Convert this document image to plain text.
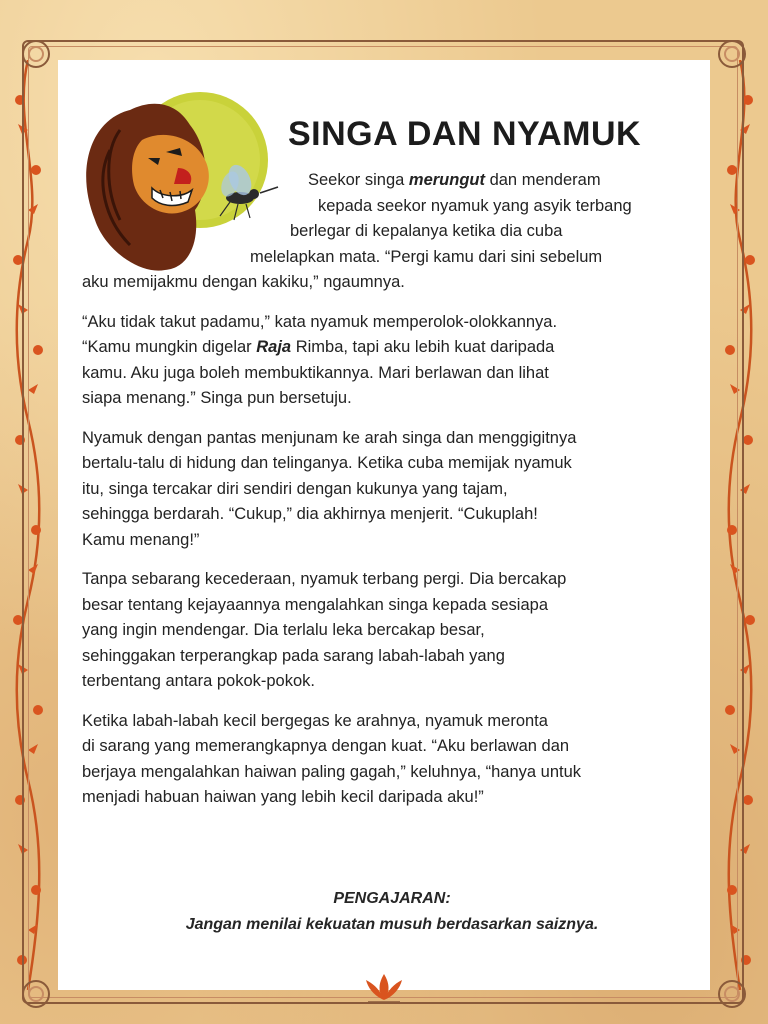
SINGA DAN NYAMUK

Seekor singa merungut dan menderam
kepada seekor nyamuk yang asyik terbang
berlegar di kepalanya ketika dia cuba
melelapkan mata. “Pergi kamu dari sini sebelum
aku memijakmu dengan kakiku,” ngaumnya.

“Aku tidak takut padamu,” kata nyamuk memperolok-olokkannya.
“Kamu mungkin digelar Raja Rimba, tapi aku lebih kuat daripada
kamu. Aku juga boleh membuktikannya. Mari berlawan dan lihat
siapa menang.” Singa pun bersetuju.

Nyamuk dengan pantas menjunam ke arah singa dan menggigitnya
bertalu-talu di hidung dan telinganya. Ketika cuba memijak nyamuk
itu, singa tercakar diri sendiri dengan kukunya yang tajam,
sehingga berdarah. “Cukup,” dia akhirnya menjerit. “Cukuplah!
Kamu menang!”

Tanpa sebarang kecederaan, nyamuk terbang pergi. Dia bercakap
besar tentang kejayaannya mengalahkan singa kepada sesiapa
yang ingin mendengar. Dia terlalu leka bercakap besar,
sehinggakan terperangkap pada sarang labah-labah yang
terbentang antara pokok-pokok.

Ketika labah-labah kecil bergegas ke arahnya, nyamuk meronta
di sarang yang memerangkapnya dengan kuat. “Aku berlawan dan
berjaya mengalahkan haiwan paling gagah,” keluhnya, “hanya untuk
menjadi habuan haiwan yang lebih kecil daripada aku!”

PENGAJARAN:
Jangan menilai kekuatan musuh berdasarkan saiznya.
